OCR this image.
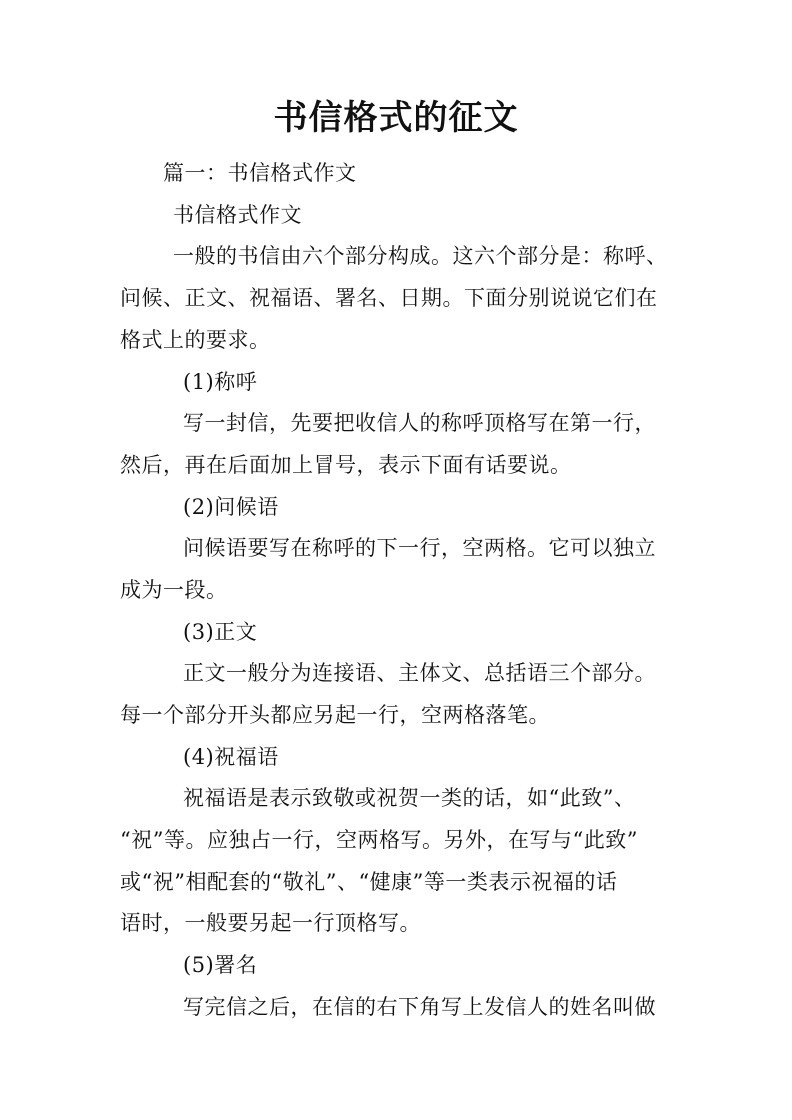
书信格式的征文
篇一：书信格式作文
书信格式作文
一般的书信由六个部分构成。这六个部分是：称呼、
问候、正文、祝福语、署名、日期。下面分别说说它们在
格式上的要求。
(1)称呼
写一封信，先要把收信人的称呼顶格写在第一行，
然后，再在后面加上冒号，表示下面有话要说。
(2)问候语
问候语要写在称呼的下一行，空两格。它可以独立
成为一段。
(3)正文
正文一般分为连接语、主体文、总括语三个部分。
每一个部分开头都应另起一行，空两格落笔。
(4)祝福语
祝福语是表示致敬或祝贺一类的话，如“此致”、
“祝”等。应独占一行，空两格写。另外，在写与“此致”
或“祝”相配套的“敬礼”、“健康”等一类表示祝福的话
语时，一般要另起一行顶格写。
(5)署名
写完信之后，在信的右下角写上发信人的姓名叫做
